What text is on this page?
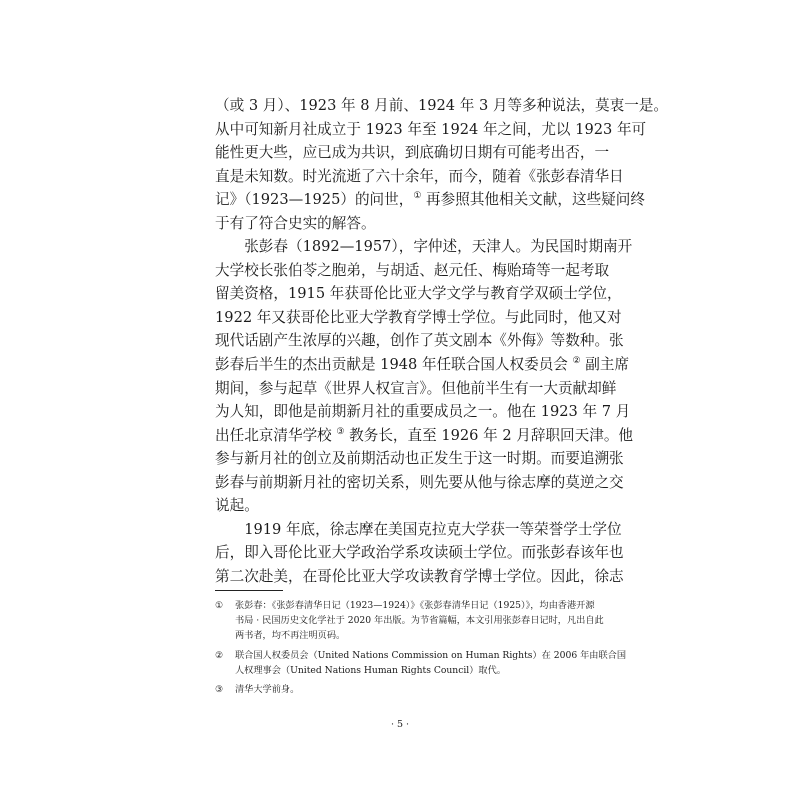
（或 3 月）、1923 年 8 月前、1924 年 3 月等多种说法，莫衷一是。
从中可知新月社成立于 1923 年至 1924 年之间，尤以 1923 年可
能性更大些，应已成为共识，到底确切日期有可能考出否，一
直是未知数。时光流逝了六十余年，而今，随着《张彭春清华日
记》（1923—1925）的问世，① 再参照其他相关文献，这些疑问终
于有了符合史实的解答。
张彭春（1892—1957），字仲述，天津人。为民国时期南开
大学校长张伯苓之胞弟，与胡适、赵元任、梅贻琦等一起考取
留美资格，1915 年获哥伦比亚大学文学与教育学双硕士学位，
1922 年又获哥伦比亚大学教育学博士学位。与此同时，他又对
现代话剧产生浓厚的兴趣，创作了英文剧本《外侮》等数种。张
彭春后半生的杰出贡献是 1948 年任联合国人权委员会 ② 副主席
期间，参与起草《世界人权宣言》。但他前半生有一大贡献却鲜
为人知，即他是前期新月社的重要成员之一。他在 1923 年 7 月
出任北京清华学校 ③ 教务长，直至 1926 年 2 月辞职回天津。他
参与新月社的创立及前期活动也正发生于这一时期。而要追溯张
彭春与前期新月社的密切关系，则先要从他与徐志摩的莫逆之交
说起。
1919 年底，徐志摩在美国克拉克大学获一等荣誉学士学位
后，即入哥伦比亚大学政治学系攻读硕士学位。而张彭春该年也
第二次赴美，在哥伦比亚大学攻读教育学博士学位。因此，徐志
① 张彭春：《张彭春清华日记（1923—1924）》《张彭春清华日记（1925）》，均由香港开源
书局 · 民国历史文化学社于 2020 年出版。为节省篇幅，本文引用张彭春日记时，凡出自此
两书者，均不再注明页码。
② 联合国人权委员会（United Nations Commission on Human Rights）在 2006 年由联合国
人权理事会（United Nations Human Rights Council）取代。
③ 清华大学前身。
· 5 ·
